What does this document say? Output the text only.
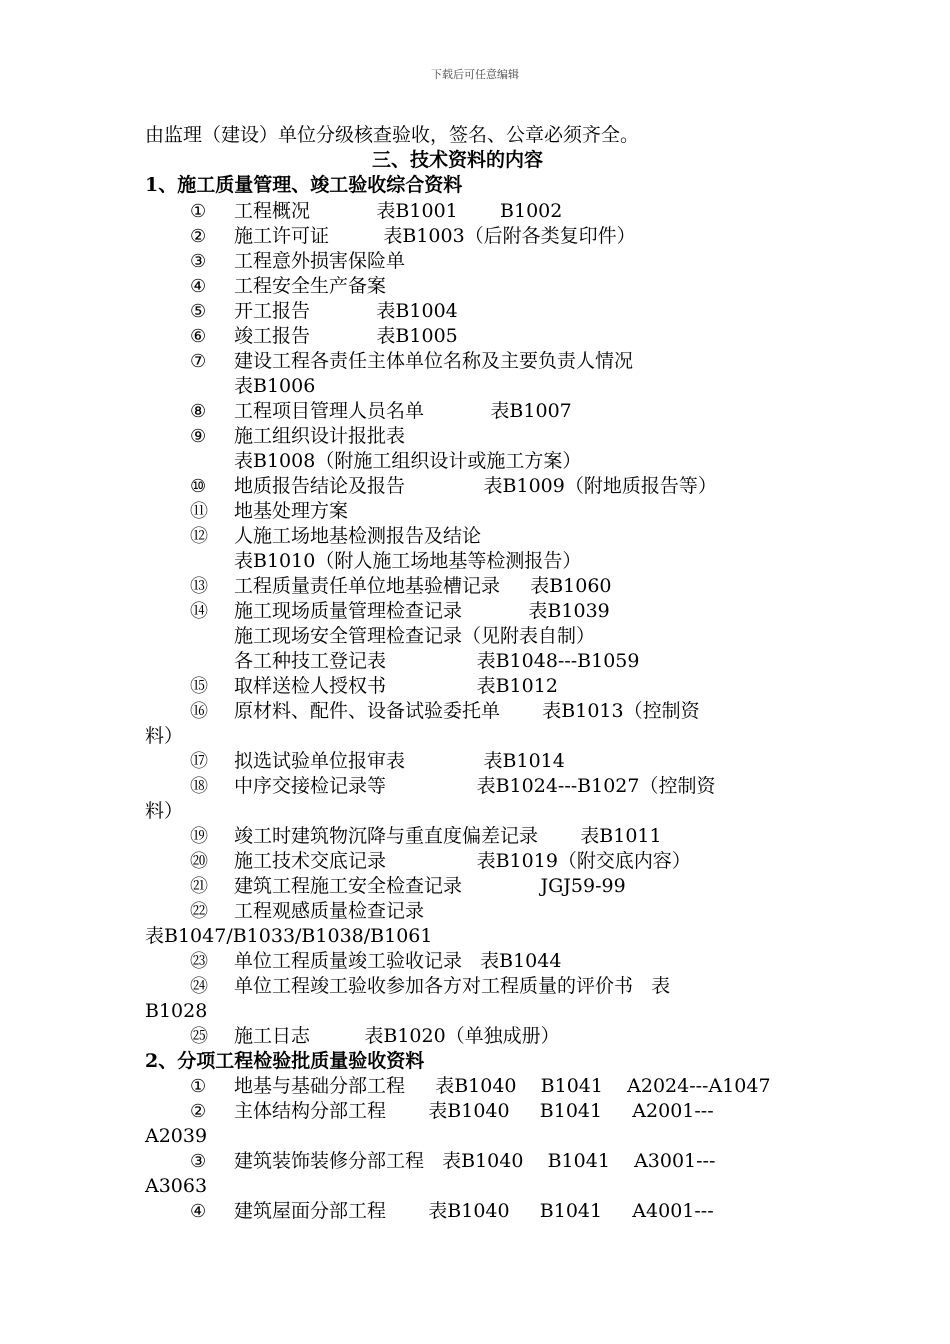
下载后可任意编辑
由监理（建设）单位分级核查验收，签名、公章必须齐全。
三、技术资料的内容
1、施工质量管理、竣工验收综合资料
① 工程概况           表B1001       B1002
② 施工许可证         表B1003（后附各类复印件）
③ 工程意外损害保险单
④ 工程安全生产备案
⑤ 开工报告           表B1004
⑥ 竣工报告           表B1005
⑦ 建设工程各责任主体单位名称及主要负责人情况
表B1006
⑧ 工程项目管理人员名单           表B1007
⑨ 施工组织设计报批表
表B1008（附施工组织设计或施工方案）
⑩ 地质报告结论及报告             表B1009（附地质报告等）
⑪ 地基处理方案
⑫ 人施工场地基检测报告及结论
表B1010（附人施工场地基等检测报告）
⑬ 工程质量责任单位地基验槽记录     表B1060
⑭ 施工现场质量管理检查记录           表B1039
施工现场安全管理检查记录（见附表自制）
各工种技工登记表               表B1048---B1059
⑮ 取样送检人授权书               表B1012
⑯ 原材料、配件、设备试验委托单       表B1013（控制资
料）
⑰ 拟选试验单位报审表             表B1014
⑱ 中序交接检记录等               表B1024---B1027（控制资
料）
⑲ 竣工时建筑物沉降与重直度偏差记录       表B1011
⑳ 施工技术交底记录               表B1019（附交底内容）
㉑ 建筑工程施工安全检查记录             JGJ59-99
㉒ 工程观感质量检查记录
表B1047/B1033/B1038/B1061
㉓ 单位工程质量竣工验收记录   表B1044
㉔ 单位工程竣工验收参加各方对工程质量的评价书   表
B1028
㉕ 施工日志         表B1020（单独成册）
2、分项工程检验批质量验收资料
① 地基与基础分部工程     表B1040    B1041    A2024---A1047
② 主体结构分部工程       表B1040     B1041     A2001---
A2039
③ 建筑装饰装修分部工程   表B1040    B1041    A3001---
A3063
④ 建筑屋面分部工程       表B1040     B1041     A4001---
